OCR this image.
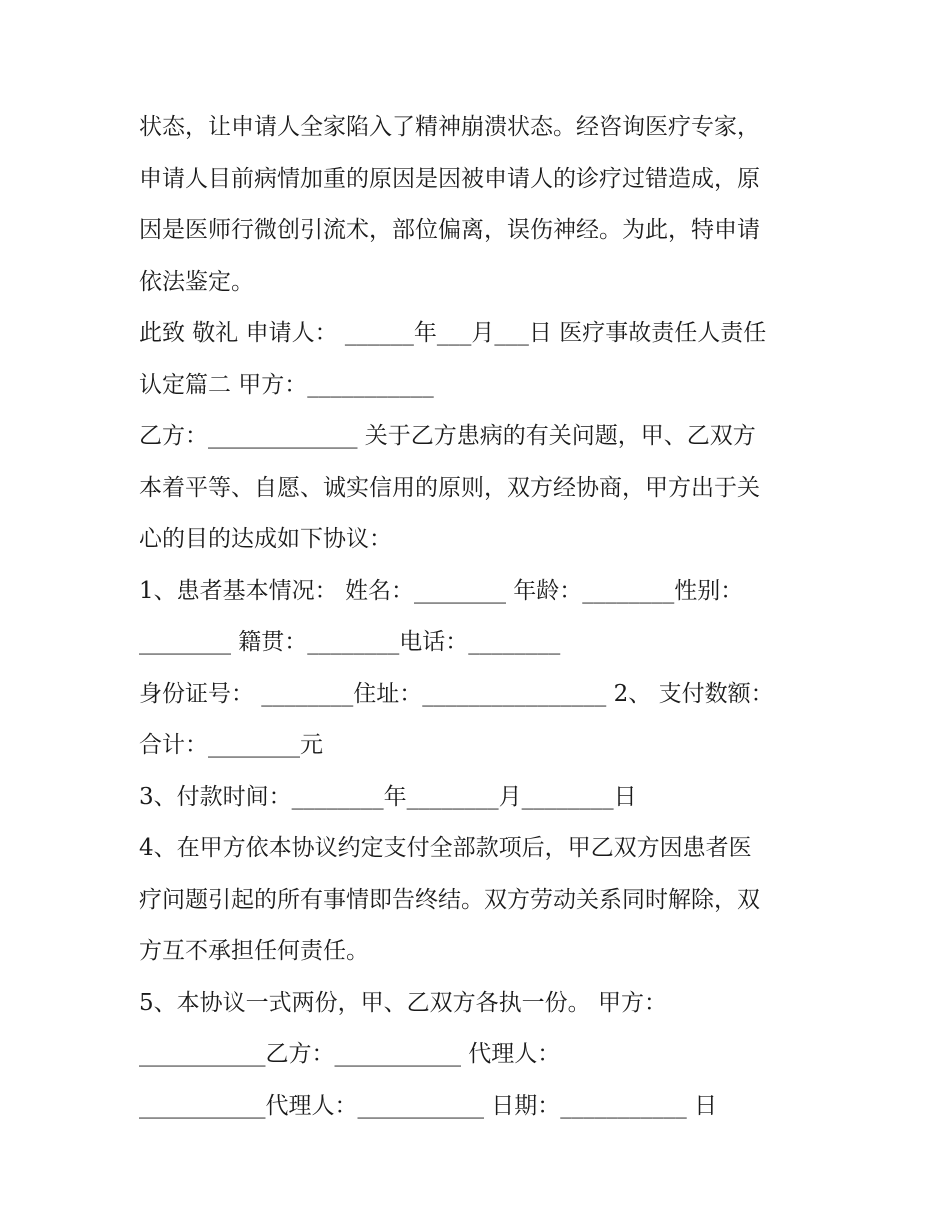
状态，让申请人全家陷入了精神崩溃状态。经咨询医疗专家，
申请人目前病情加重的原因是因被申请人的诊疗过错造成，原
因是医师行微创引流术，部位偏离，误伤神经。为此，特申请
依法鉴定。
此致 敬礼 申请人： ______年___月___日 医疗事故责任人责任
认定篇二 甲方：___________
乙方：_____________ 关于乙方患病的有关问题，甲、乙双方
本着平等、自愿、诚实信用的原则，双方经协商，甲方出于关
心的目的达成如下协议：
1、患者基本情况： 姓名：________ 年龄：________性别：
________ 籍贯：________电话：________
身份证号： ________住址：________________ 2、 支付数额：
合计：________元
3、付款时间：________年________月________日
4、在甲方依本协议约定支付全部款项后，甲乙双方因患者医
疗问题引起的所有事情即告终结。双方劳动关系同时解除，双
方互不承担任何责任。
5、本协议一式两份，甲、乙双方各执一份。 甲方：
___________乙方：___________ 代理人：
___________代理人：___________ 日期：___________ 日
